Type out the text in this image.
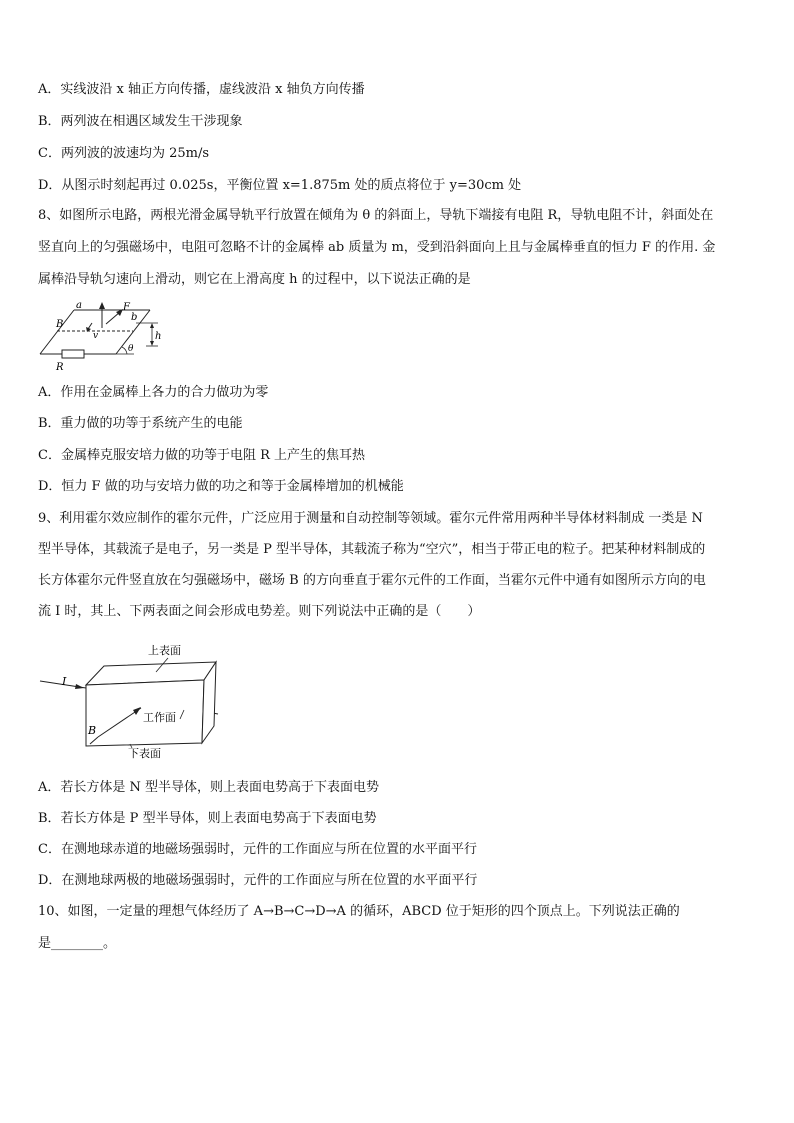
A．实线波沿 x 轴正方向传播，虚线波沿 x 轴负方向传播
B．两列波在相遇区域发生干涉现象
C．两列波的波速均为 25m/s
D．从图示时刻起再过 0.025s，平衡位置 x=1.875m 处的质点将位于 y=30cm 处
8、如图所示电路，两根光滑金属导轨平行放置在倾角为 θ 的斜面上，导轨下端接有电阻 R，导轨电阻不计，斜面处在
竖直向上的匀强磁场中，电阻可忽略不计的金属棒 ab 质量为 m，受到沿斜面向上且与金属棒垂直的恒力 F 的作用. 金
属棒沿导轨匀速向上滑动，则它在上滑高度 h 的过程中，以下说法正确的是
a
b
B
F
v	h
θ
R
A．作用在金属棒上各力的合力做功为零
B．重力做的功等于系统产生的电能
C．金属棒克服安培力做的功等于电阻 R 上产生的焦耳热
D．恒力 F 做的功与安培力做的功之和等于金属棒增加的机械能
9、利用霍尔效应制作的霍尔元件，广泛应用于测量和自动控制等领域。霍尔元件常用两种半导体材料制成 一类是 N
型半导体，其载流子是电子，另一类是 P 型半导体，其载流子称为“空穴”，相当于带正电的粒子。把某种材料制成的
长方体霍尔元件竖直放在匀强磁场中，磁场 B 的方向垂直于霍尔元件的工作面，当霍尔元件中通有如图所示方向的电
流 I 时，其上、下两表面之间会形成电势差。则下列说法中正确的是（　　）
上表面
工作面
下表面
I
B
A．若长方体是 N 型半导体，则上表面电势高于下表面电势
B．若长方体是 P 型半导体，则上表面电势高于下表面电势
C．在测地球赤道的地磁场强弱时，元件的工作面应与所在位置的水平面平行
D．在测地球两极的地磁场强弱时，元件的工作面应与所在位置的水平面平行
10、如图，一定量的理想气体经历了 A→B→C→D→A 的循环，ABCD 位于矩形的四个顶点上。下列说法正确的
是________。
